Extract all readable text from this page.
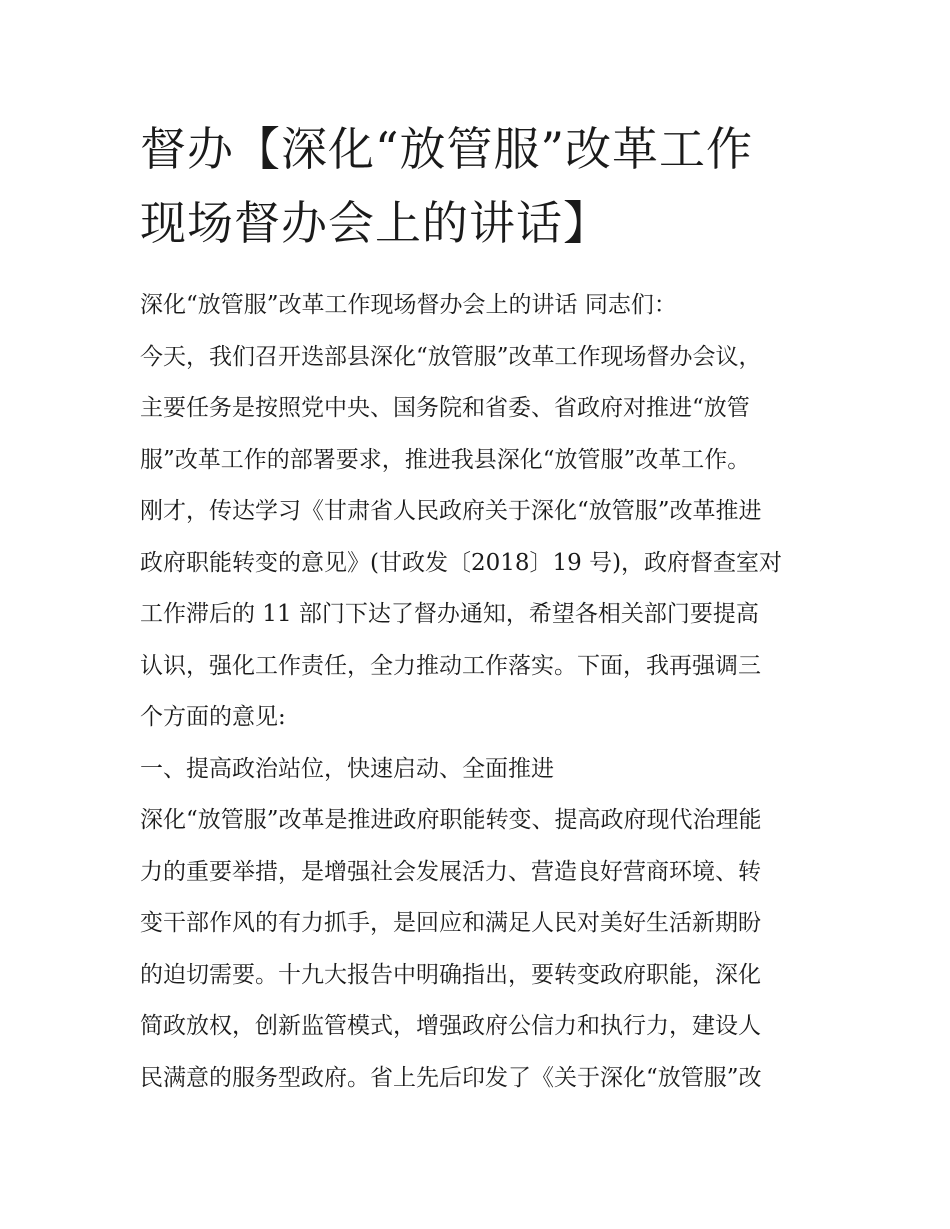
督办【深化“放管服”改革工作
现场督办会上的讲话】
深化“放管服”改革工作现场督办会上的讲话 同志们：
今天，我们召开迭部县深化“放管服”改革工作现场督办会议，
主要任务是按照党中央、国务院和省委、省政府对推进“放管
服”改革工作的部署要求，推进我县深化“放管服”改革工作。
刚才，传达学习《甘肃省人民政府关于深化“放管服”改革推进
政府职能转变的意见》(甘政发〔2018〕19 号)，政府督查室对
工作滞后的 11 部门下达了督办通知，希望各相关部门要提高
认识，强化工作责任，全力推动工作落实。下面，我再强调三
个方面的意见:
一、提高政治站位，快速启动、全面推进
深化“放管服”改革是推进政府职能转变、提高政府现代治理能
力的重要举措，是增强社会发展活力、营造良好营商环境、转
变干部作风的有力抓手，是回应和满足人民对美好生活新期盼
的迫切需要。十九大报告中明确指出，要转变政府职能，深化
简政放权，创新监管模式，增强政府公信力和执行力，建设人
民满意的服务型政府。省上先后印发了《关于深化“放管服”改
